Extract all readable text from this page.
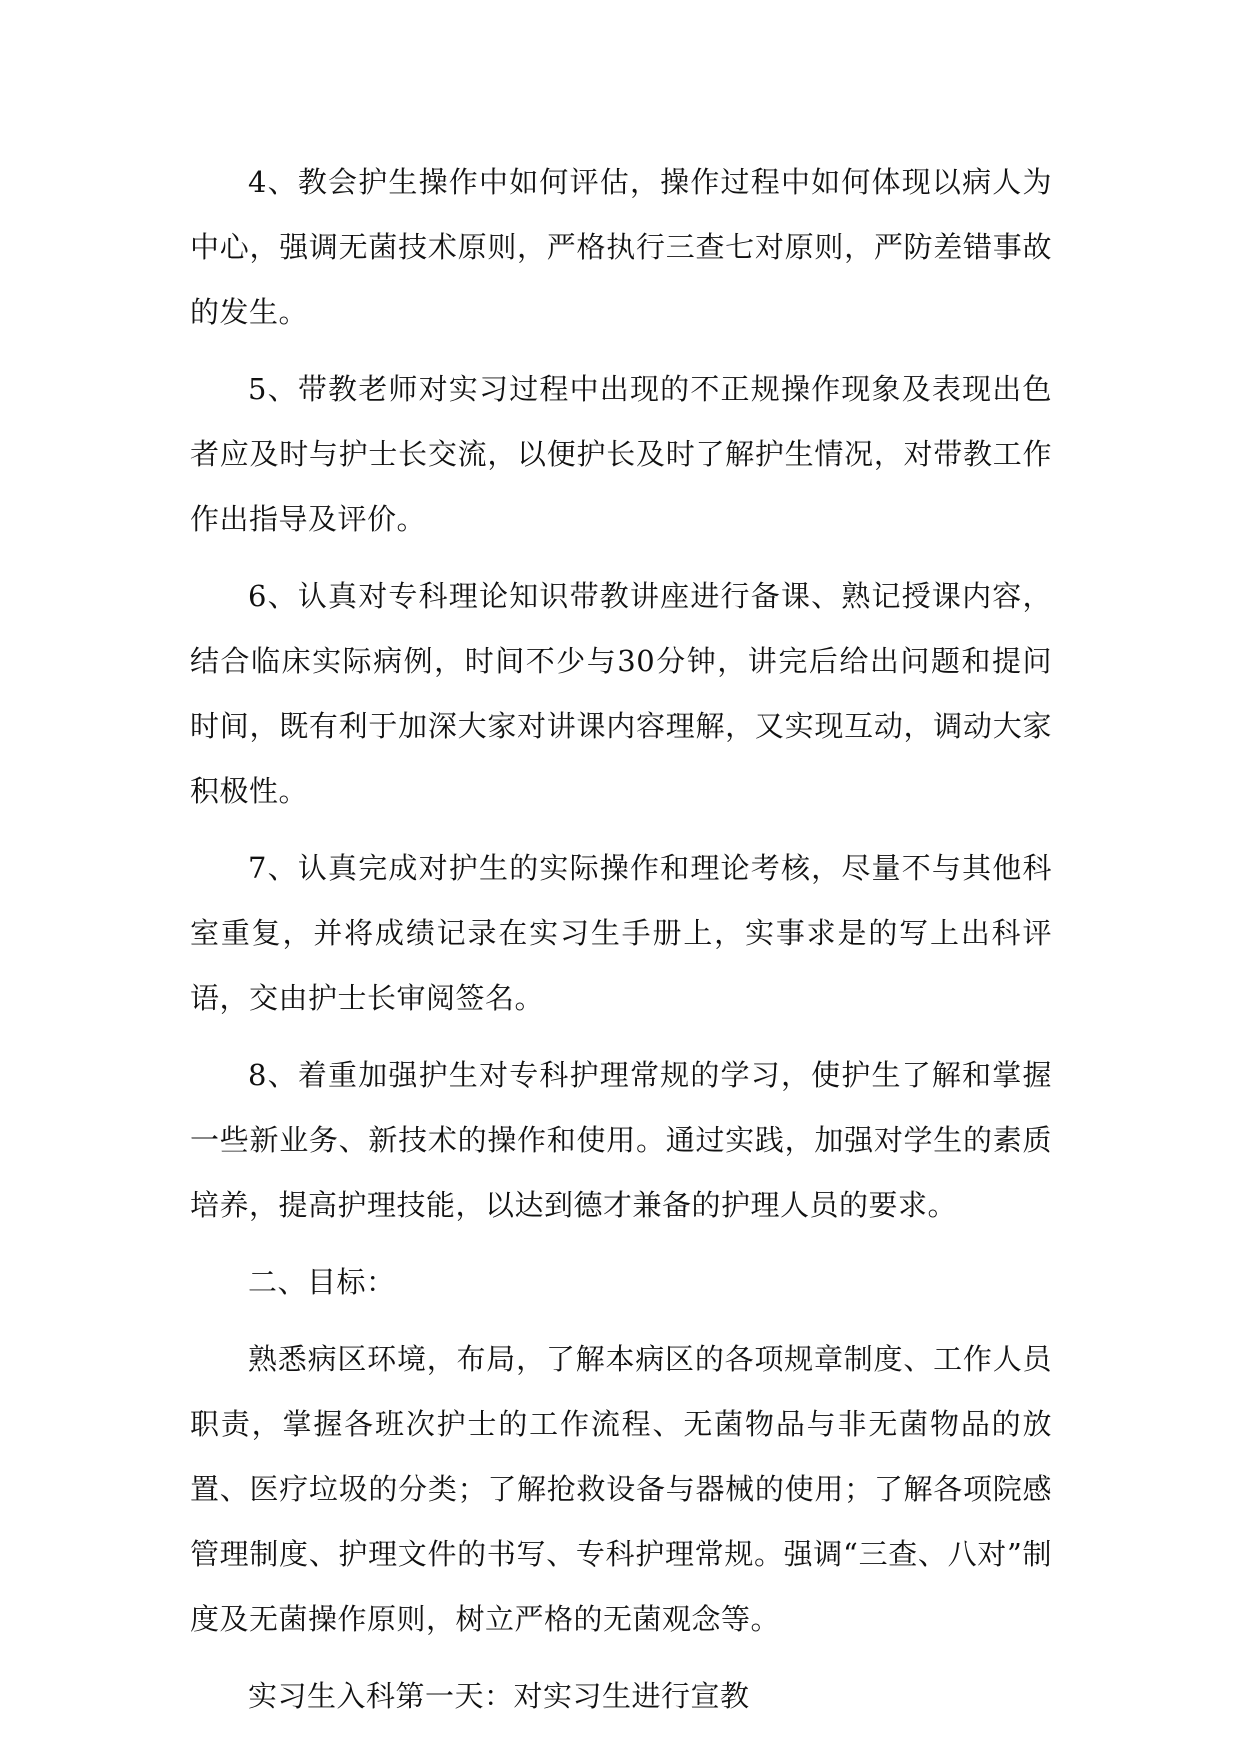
4、教会护生操作中如何评估，操作过程中如何体现以病人为中心，强调无菌技术原则，严格执行三查七对原则，严防差错事故的发生。

5、带教老师对实习过程中出现的不正规操作现象及表现出色者应及时与护士长交流，以便护长及时了解护生情况，对带教工作作出指导及评价。

6、认真对专科理论知识带教讲座进行备课、熟记授课内容，结合临床实际病例，时间不少与30分钟，讲完后给出问题和提问时间，既有利于加深大家对讲课内容理解，又实现互动，调动大家积极性。

7、认真完成对护生的实际操作和理论考核，尽量不与其他科室重复，并将成绩记录在实习生手册上，实事求是的写上出科评语，交由护士长审阅签名。

8、着重加强护生对专科护理常规的学习，使护生了解和掌握一些新业务、新技术的操作和使用。通过实践，加强对学生的素质培养，提高护理技能，以达到德才兼备的护理人员的要求。

二、目标：

熟悉病区环境，布局，了解本病区的各项规章制度、工作人员职责，掌握各班次护士的工作流程、无菌物品与非无菌物品的放置、医疗垃圾的分类；了解抢救设备与器械的使用；了解各项院感管理制度、护理文件的书写、专科护理常规。强调“三查、八对”制度及无菌操作原则，树立严格的无菌观念等。

实习生入科第一天：对实习生进行宣教
